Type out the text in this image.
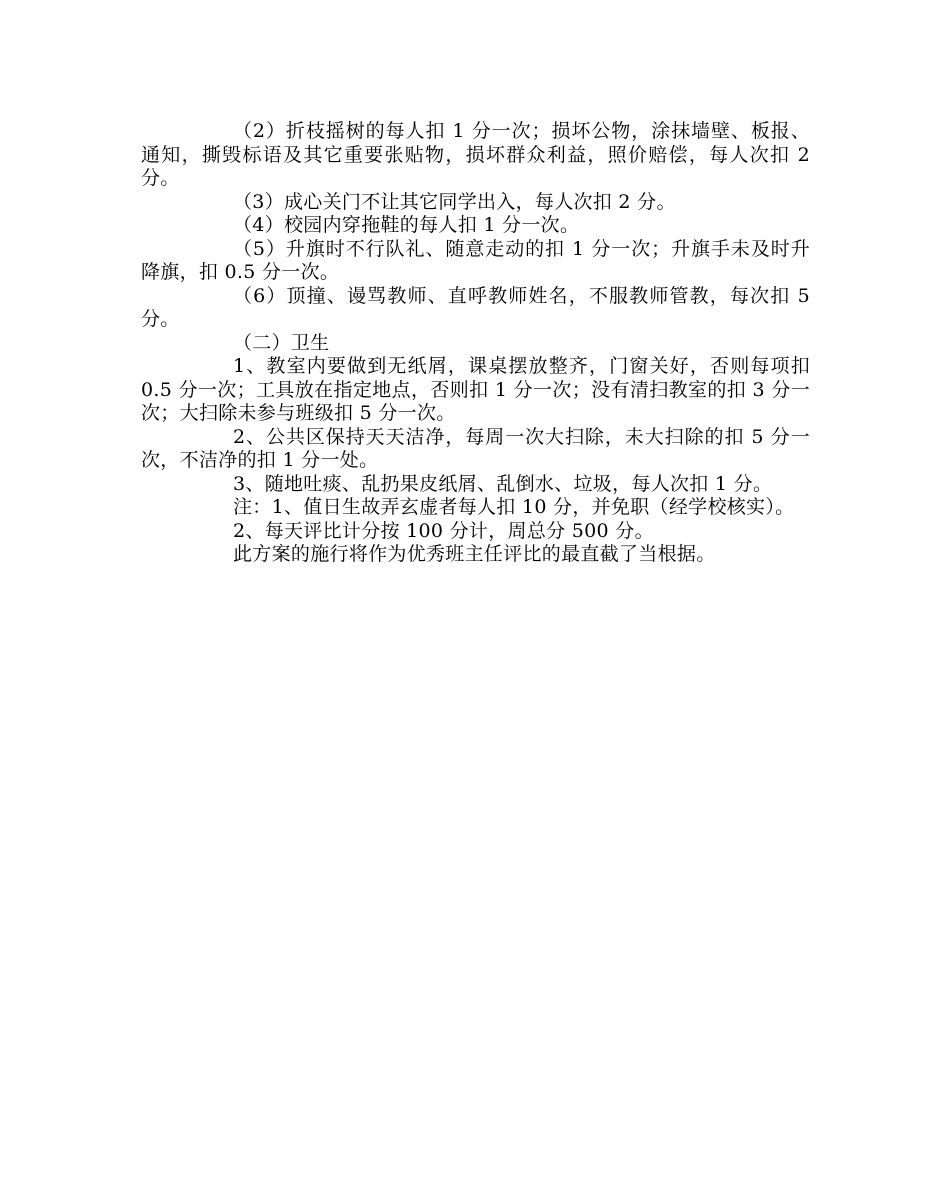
（2）折枝摇树的每人扣 1 分一次；损坏公物，涂抹墙壁、板报、通知，撕毁标语及其它重要张贴物，损坏群众利益，照价赔偿，每人次扣 2 分。

（3）成心关门不让其它同学出入，每人次扣 2 分。

（4）校园内穿拖鞋的每人扣 1 分一次。

（5）升旗时不行队礼、随意走动的扣 1 分一次；升旗手未及时升降旗，扣 0.5 分一次。

（6）顶撞、谩骂教师、直呼教师姓名，不服教师管教，每次扣 5 分。

（二）卫生

1、教室内要做到无纸屑，课桌摆放整齐，门窗关好，否则每项扣 0.5 分一次；工具放在指定地点，否则扣 1 分一次；没有清扫教室的扣 3 分一次；大扫除未参与班级扣 5 分一次。

2、公共区保持天天洁净，每周一次大扫除，未大扫除的扣 5 分一次，不洁净的扣 1 分一处。

3、随地吐痰、乱扔果皮纸屑、乱倒水、垃圾，每人次扣 1 分。

注：1、值日生故弄玄虚者每人扣 10 分，并免职（经学校核实）。

2、每天评比计分按 100 分计，周总分 500 分。

此方案的施行将作为优秀班主任评比的最直截了当根据。
